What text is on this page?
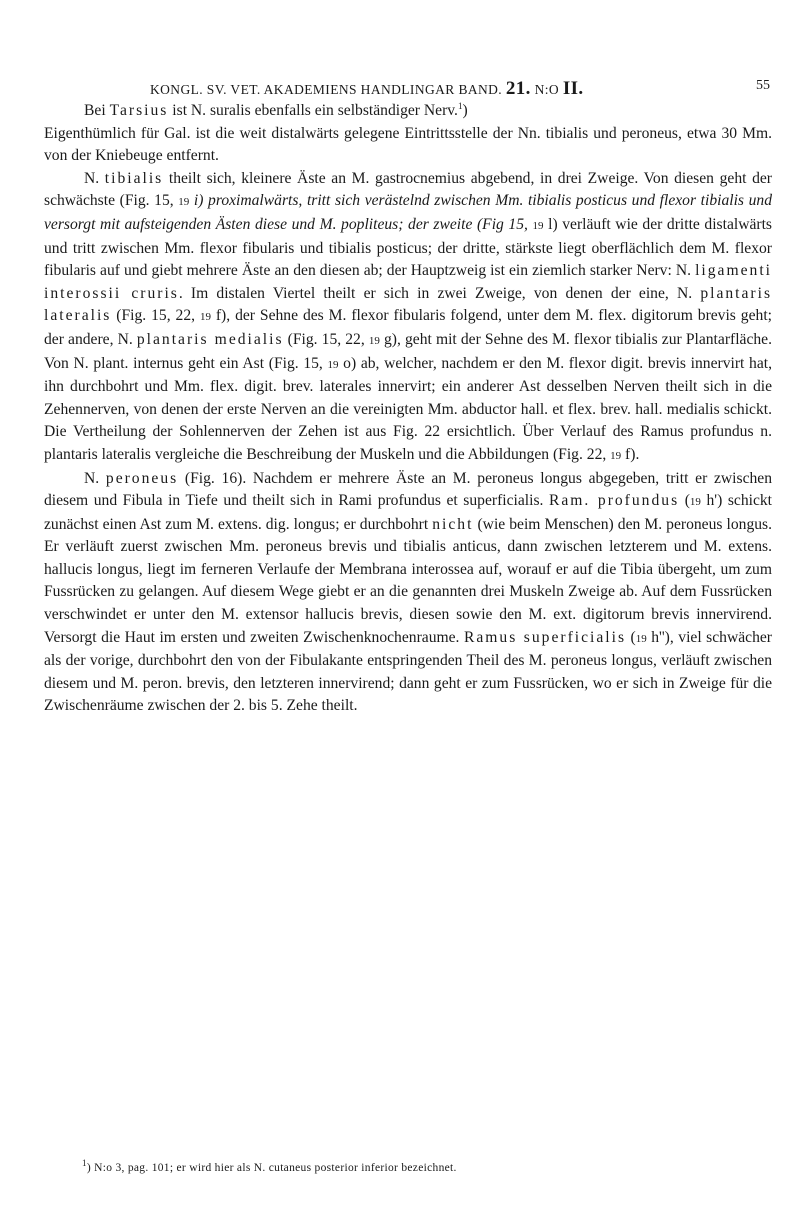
KONGL. SV. VET. AKADEMIENS HANDLINGAR BAND. 21. N:O II.	55

Bei Tarsius ist N. suralis ebenfalls ein selbständiger Nerv.$^1$)

Eigenthümlich für Gal. ist die weit distalwärts gelegene Eintrittsstelle der Nn. tibialis und peroneus, etwa 30 Mm. von der Kniebeuge entfernt.

N. tibialis theilt sich, kleinere Äste an M. gastrocnemius abgebend, in drei Zweige. Von diesen geht der schwächste (Fig. 15, 19 i) proximalwärts, tritt sich verästelnd zwischen Mm. tibialis posticus und flexor tibialis und versorgt mit aufsteigenden Ästen diese und M. popliteus; der zweite (Fig 15, 19 l) verläuft wie der dritte distalwärts und tritt zwischen Mm. flexor fibularis und tibialis posticus; der dritte, stärkste liegt oberflächlich dem M. flexor fibularis auf und giebt mehrere Äste an den diesen ab; der Hauptzweig ist ein ziemlich starker Nerv: N. ligamenti interossii cruris. Im distalen Viertel theilt er sich in zwei Zweige, von denen der eine, N. plantaris lateralis (Fig. 15, 22, 19 f), der Sehne des M. flexor fibularis folgend, unter dem M. flex. digitorum brevis geht; der andere, N. plantaris medialis (Fig. 15, 22, 19 g), geht mit der Sehne des M. flexor tibialis zur Plantarfläche. Von N. plant. internus geht ein Ast (Fig. 15, 19 o) ab, welcher, nachdem er den M. flexor digit. brevis innervirt hat, ihn durchbohrt und Mm. flex. digit. brev. laterales innervirt; ein anderer Ast desselben Nerven theilt sich in die Zehennerven, von denen der erste Nerven an die vereinigten Mm. abductor hall. et flex. brev. hall. medialis schickt. Die Vertheilung der Sohlennerven der Zehen ist aus Fig. 22 ersichtlich. Über Verlauf des Ramus profundus n. plantaris lateralis vergleiche die Beschreibung der Muskeln und die Abbildungen (Fig. 22, 19 f).

N. peroneus (Fig. 16). Nachdem er mehrere Äste an M. peroneus longus abgegeben, tritt er zwischen diesem und Fibula in Tiefe und theilt sich in Rami profundus et superficialis. Ram. profundus (19 h') schickt zunächst einen Ast zum M. extens. dig. longus; er durchbohrt nicht (wie beim Menschen) den M. peroneus longus. Er verläuft zuerst zwischen Mm. peroneus brevis und tibialis anticus, dann zwischen letzterem und M. extens. hallucis longus, liegt im ferneren Verlaufe der Membrana interossea auf, worauf er auf die Tibia übergeht, um zum Fussrücken zu gelangen. Auf diesem Wege giebt er an die genannten drei Muskeln Zweige ab. Auf dem Fussrücken verschwindet er unter den M. extensor hallucis brevis, diesen sowie den M. ext. digitorum brevis innervirend. Versorgt die Haut im ersten und zweiten Zwischenknochenraume. Ramus superficialis (19 h''), viel schwächer als der vorige, durchbohrt den von der Fibulakante entspringenden Theil des M. peroneus longus, verläuft zwischen diesem und M. peron. brevis, den letzteren innervirend; dann geht er zum Fussrücken, wo er sich in Zweige für die Zwischenräume zwischen der 2. bis 5. Zehe theilt.

$^1$) N:o 3, pag. 101; er wird hier als N. cutaneus posterior inferior bezeichnet.
